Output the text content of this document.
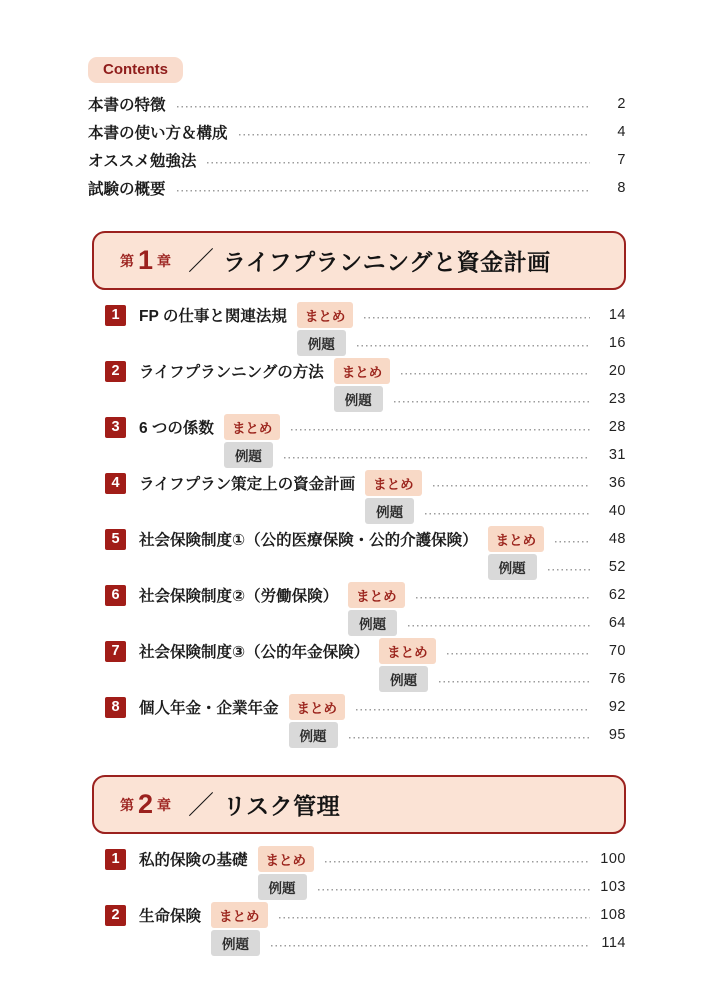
Contents
本書の特徴	2
本書の使い方＆構成	4
オススメ勉強法	7
試験の概要	8
第 1 章 ／ ライフプランニングと資金計画
1	FP の仕事と関連法規	まとめ	14
例題	16
2	ライフプランニングの方法	まとめ	20
例題	23
3	6 つの係数	まとめ	28
例題	31
4	ライフプラン策定上の資金計画	まとめ	36
例題	40
5	社会保険制度①（公的医療保険・公的介護保険）	まとめ	48
例題	52
6	社会保険制度②（労働保険）	まとめ	62
例題	64
7	社会保険制度③（公的年金保険）	まとめ	70
例題	76
8	個人年金・企業年金	まとめ	92
例題	95
第 2 章 ／ リスク管理
1	私的保険の基礎	まとめ	100
例題	103
2	生命保険	まとめ	108
例題	114
